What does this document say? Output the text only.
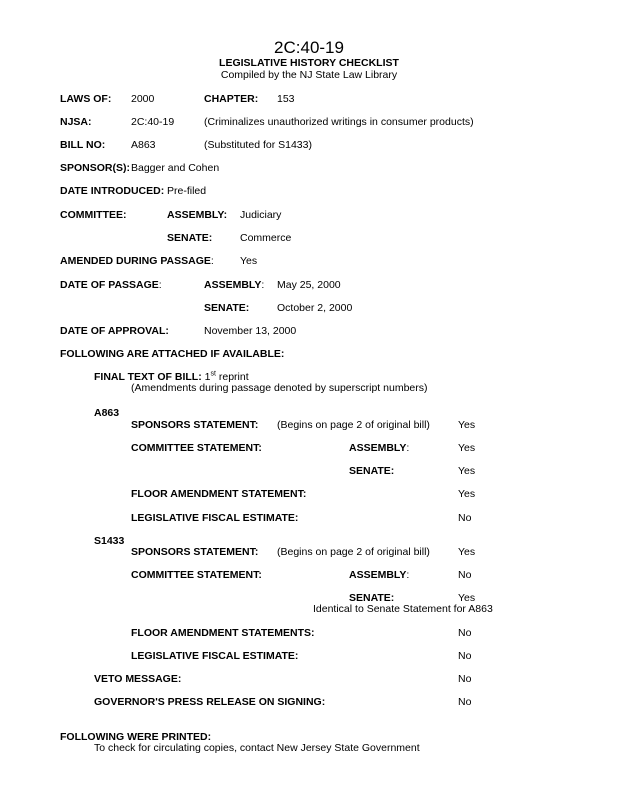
2C:40-19
LEGISLATIVE HISTORY CHECKLIST
Compiled by the NJ State Law Library
LAWS OF: 2000	CHAPTER: 153
NJSA:	2C:40-19	(Criminalizes unauthorized writings in consumer products)
BILL NO: A863	(Substituted for S1433)
SPONSOR(S): Bagger and Cohen
DATE INTRODUCED: Pre-filed
COMMITTEE:	ASSEMBLY: Judiciary
SENATE:	Commerce
AMENDED DURING PASSAGE: Yes
DATE OF PASSAGE:	ASSEMBLY: May 25, 2000
SENATE:	October 2, 2000
DATE OF APPROVAL:	November 13, 2000
FOLLOWING ARE ATTACHED IF AVAILABLE:
FINAL TEXT OF BILL: 1st reprint
(Amendments during passage denoted by superscript numbers)
A863
SPONSORS STATEMENT: (Begins on page 2 of original bill)	Yes
COMMITTEE STATEMENT:	ASSEMBLY:	Yes
SENATE:	Yes
FLOOR AMENDMENT STATEMENT:	Yes
LEGISLATIVE FISCAL ESTIMATE:	No
S1433
SPONSORS STATEMENT: (Begins on page 2 of original bill)	Yes
COMMITTEE STATEMENT:	ASSEMBLY:	No
SENATE:	Yes
Identical to Senate Statement for A863
FLOOR AMENDMENT STATEMENTS:	No
LEGISLATIVE FISCAL ESTIMATE:	No
VETO MESSAGE:	No
GOVERNOR'S PRESS RELEASE ON SIGNING:	No
FOLLOWING WERE PRINTED:
To check for circulating copies, contact New Jersey State Government
